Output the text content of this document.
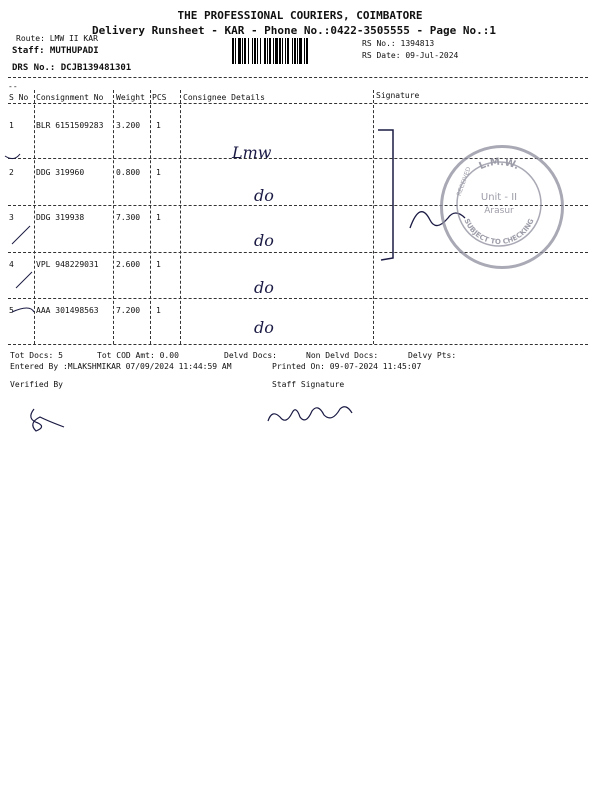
THE PROFESSIONAL COURIERS, COIMBATORE
Delivery Runsheet - KAR - Phone No.:0422-3505555 - Page No.:1
Route: LMW II KAR
Staff: MUTHUPADI
DRS No.: DCJB139481301
RS No.: 1394813
RS Date: 09-Jul-2024
--
S No Consignment No Weight PCS Consignee Details	Signature
1	BLR 6151509283 3.200 1
Lmw
2	DDG 319960	0.800 1
do
3	DDG 319938	7.300 1
do
4	VPL 948229031 2.600 1
do
5	AAA 301498563 7.200 1
do
L.M.W.
SUBJECT TO CHECKING
Unit - II
Arasur
RECEIVED
Tot Docs: 5	Tot COD Amt: 0.00	Delvd Docs:	Non Delvd Docs:	Delvy Pts:
Entered By :MLAKSHMIKAR 07/09/2024 11:44:59 AM	Printed On: 09-07-2024 11:45:07
Verified By	Staff Signature
